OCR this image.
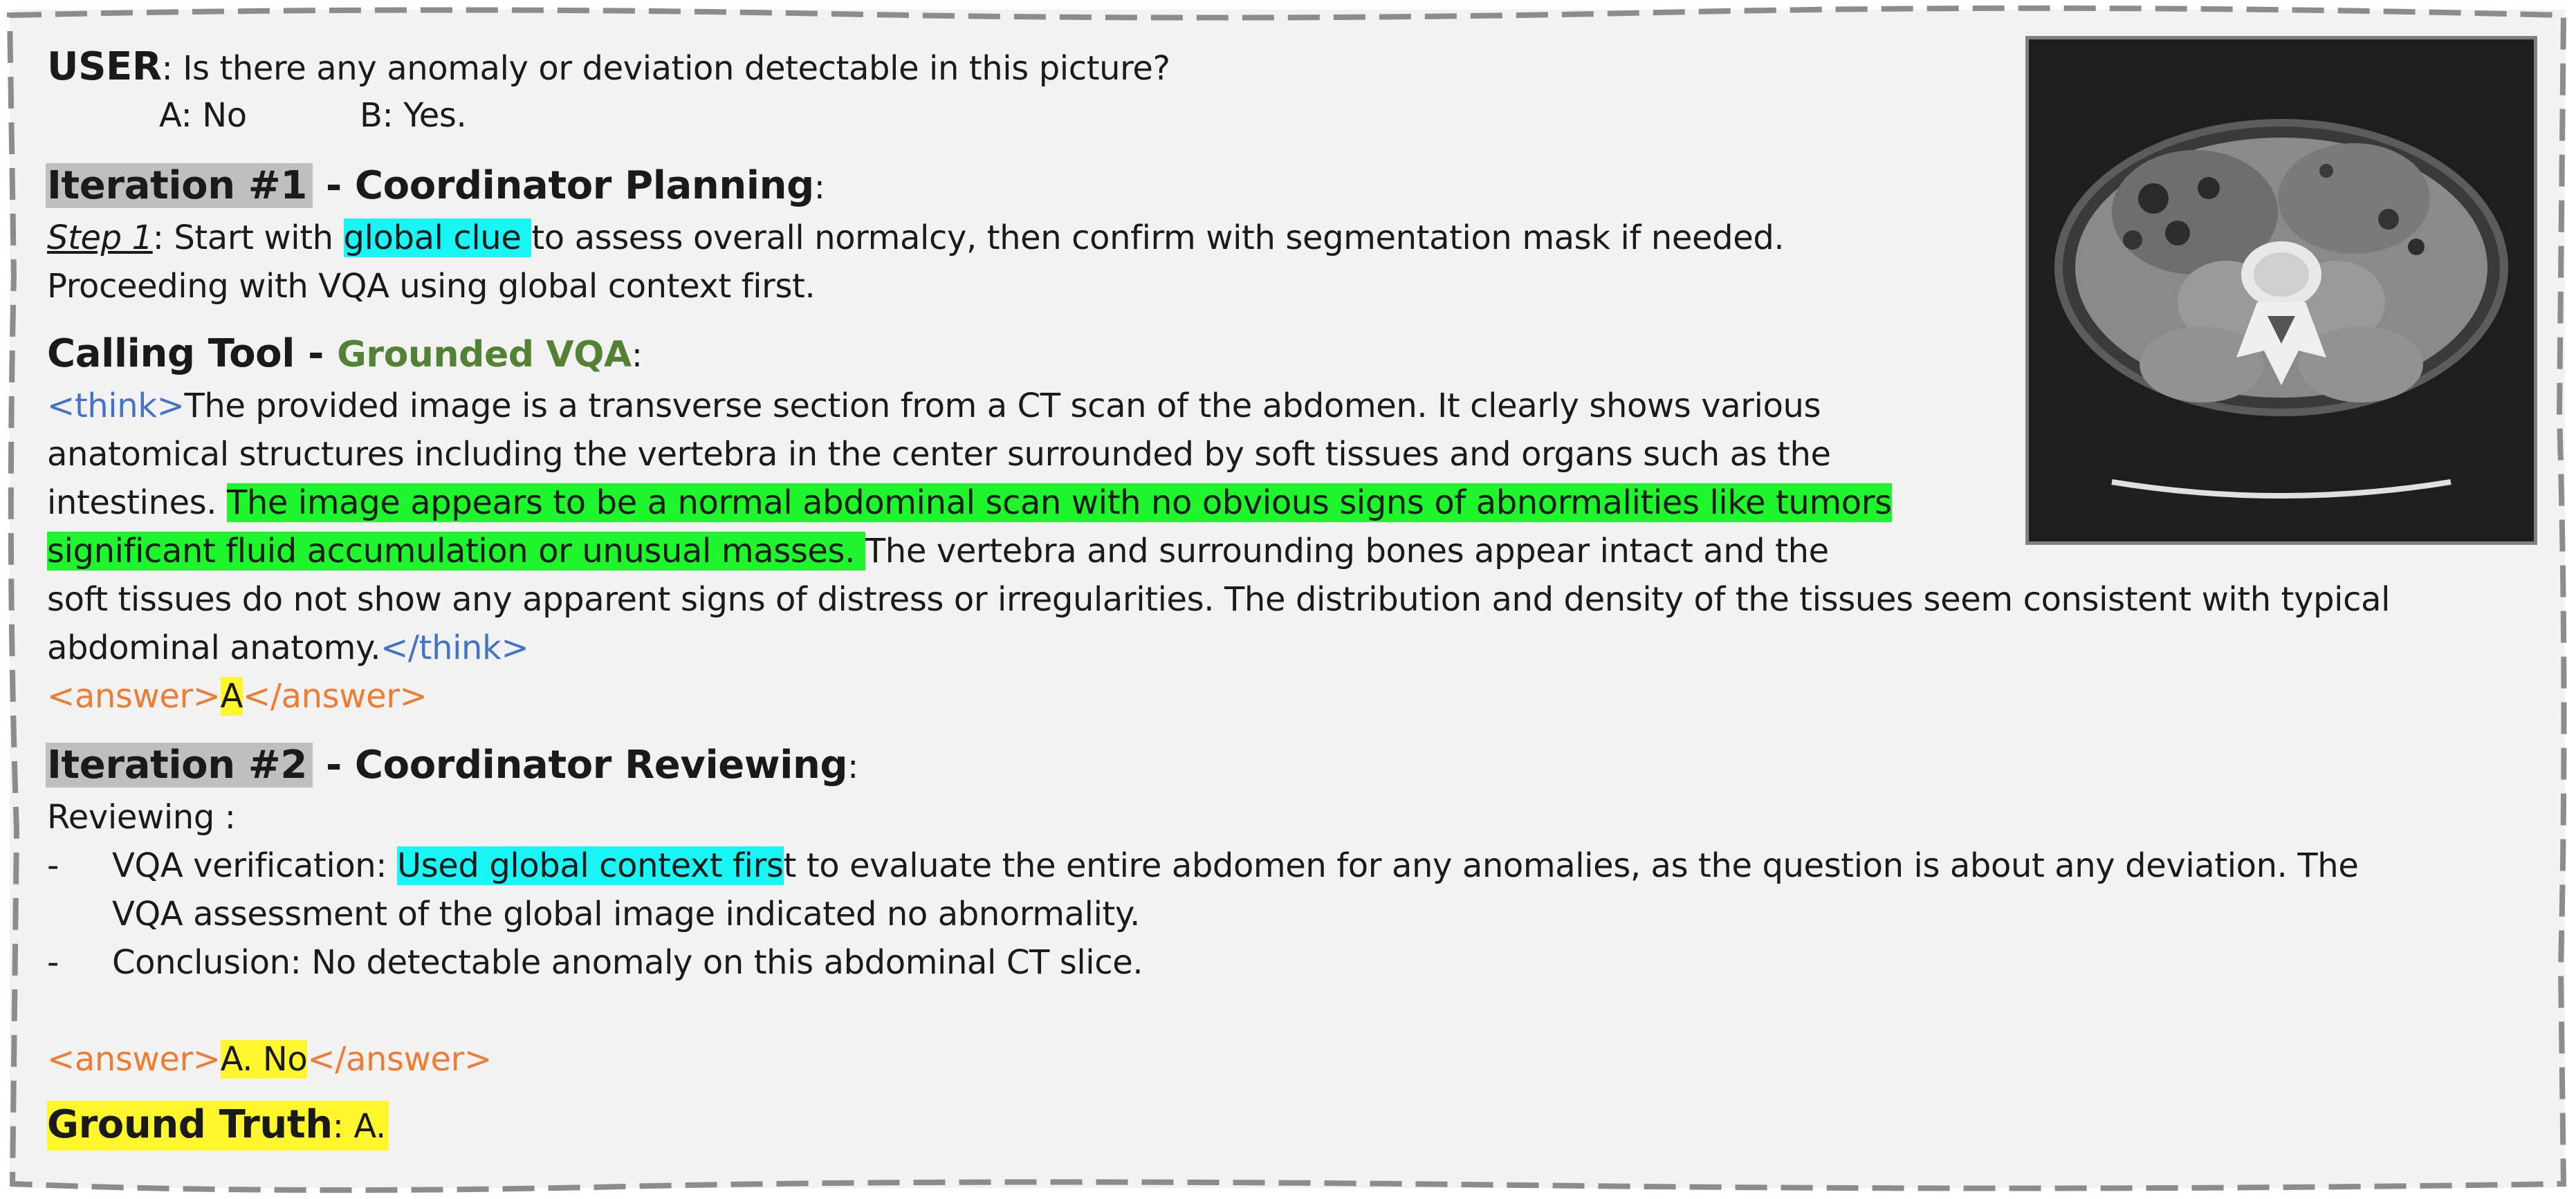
USER: Is there any anomaly or deviation detectable in this picture?
A: No	B: Yes.
Iteration #1 - Coordinator Planning:
Step 1: Start with global clue to assess overall normalcy, then confirm with segmentation mask if needed.
Proceeding with VQA using global context first.
Calling Tool - Grounded VQA:
<think>The provided image is a transverse section from a CT scan of the abdomen. It clearly shows various
anatomical structures including the vertebra in the center surrounded by soft tissues and organs such as the
intestines. The image appears to be a normal abdominal scan with no obvious signs of abnormalities like tumors
significant fluid accumulation or unusual masses. The vertebra and surrounding bones appear intact and the
soft tissues do not show any apparent signs of distress or irregularities. The distribution and density of the tissues seem consistent with typical
abdominal anatomy.</think>
<answer>A</answer>
Iteration #2 - Coordinator Reviewing:
Reviewing :
- VQA verification: Used global context first to evaluate the entire abdomen for any anomalies, as the question is about any deviation. The
VQA assessment of the global image indicated no abnormality.
- Conclusion: No detectable anomaly on this abdominal CT slice.
<answer>A. No</answer>
Ground Truth: A.
